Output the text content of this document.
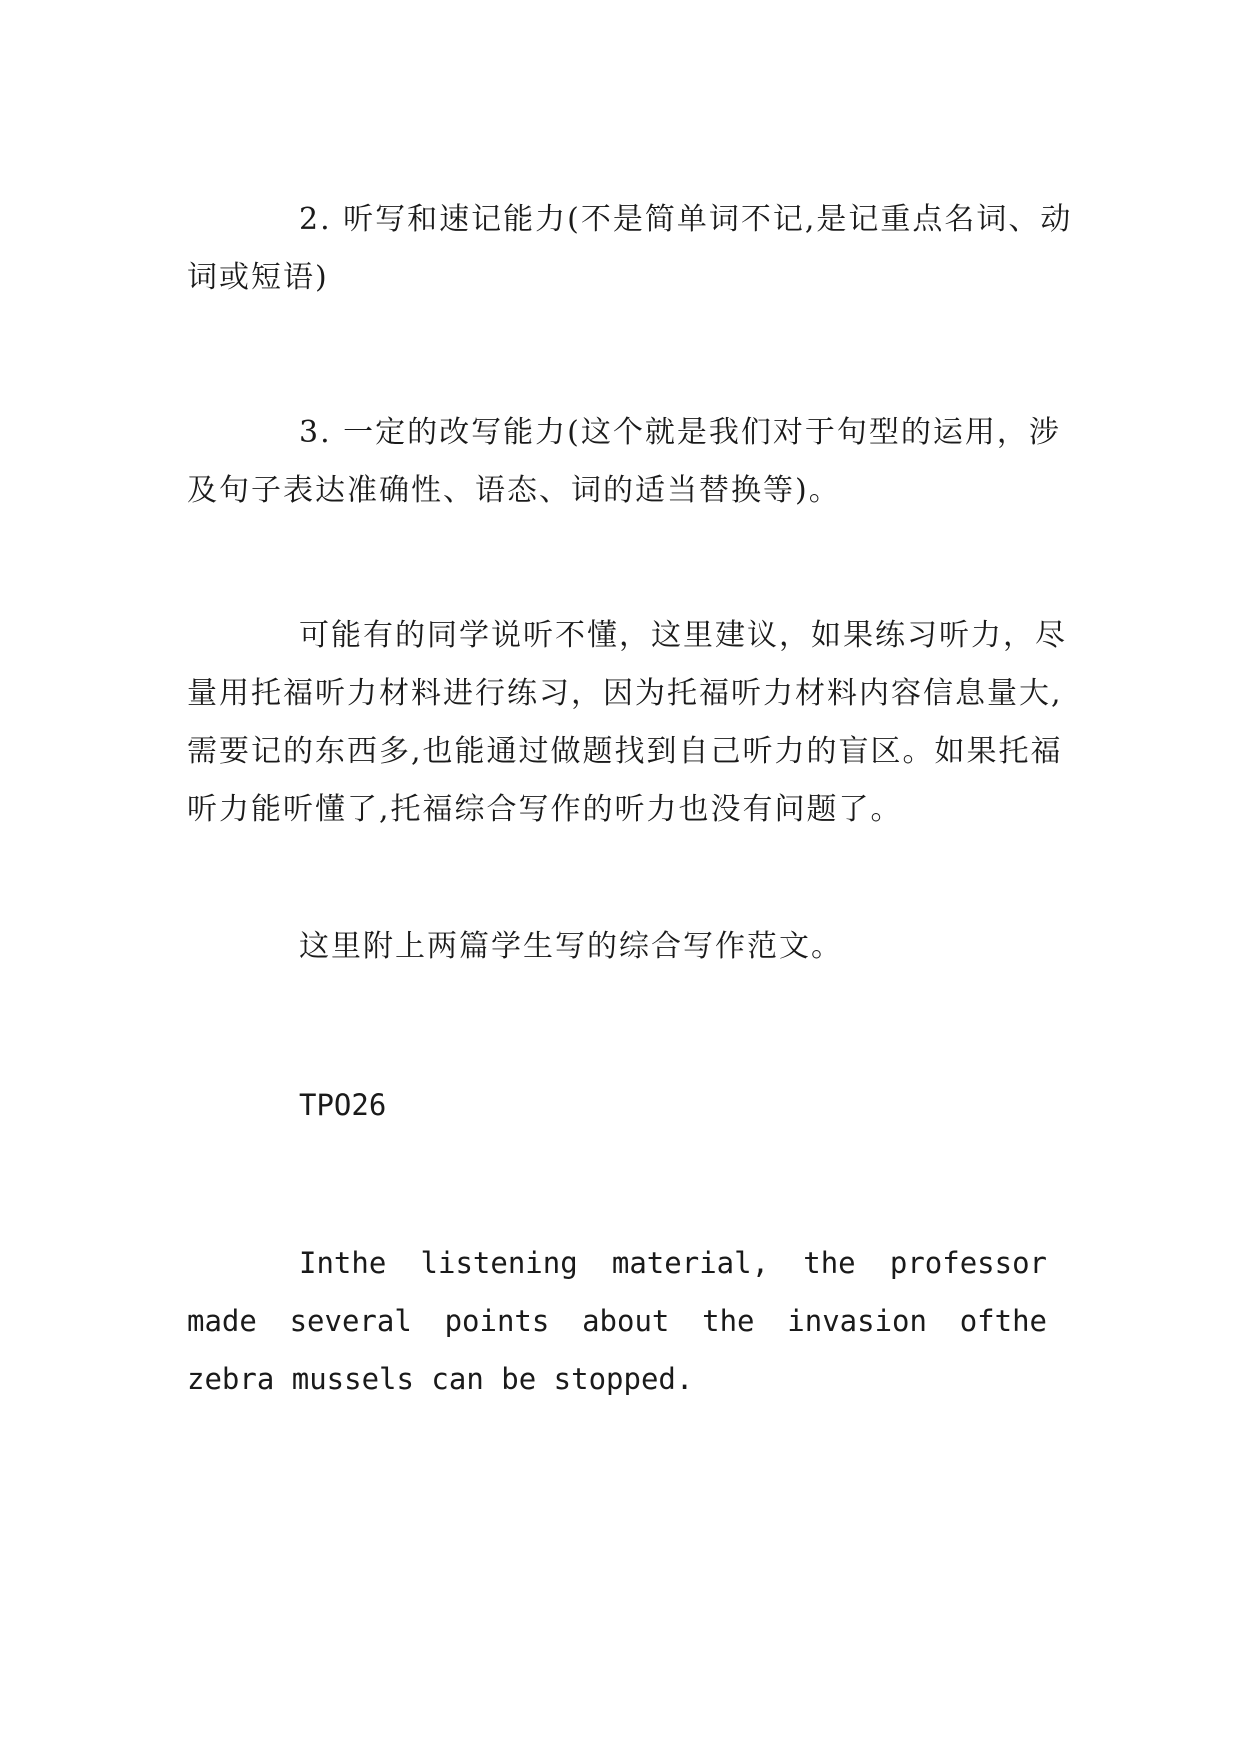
2. 听写和速记能力(不是简单词不记,是记重点名词、动词或短语)

3. 一定的改写能力(这个就是我们对于句型的运用，涉及句子表达准确性、语态、词的适当替换等)。

可能有的同学说听不懂，这里建议，如果练习听力，尽量用托福听力材料进行练习，因为托福听力材料内容信息量大,需要记的东西多,也能通过做题找到自己听力的盲区。如果托福听力能听懂了,托福综合写作的听力也没有问题了。

这里附上两篇学生写的综合写作范文。

TPO26

Inthe listening material, the professor made several points about the invasion ofthe zebra mussels can be stopped.
